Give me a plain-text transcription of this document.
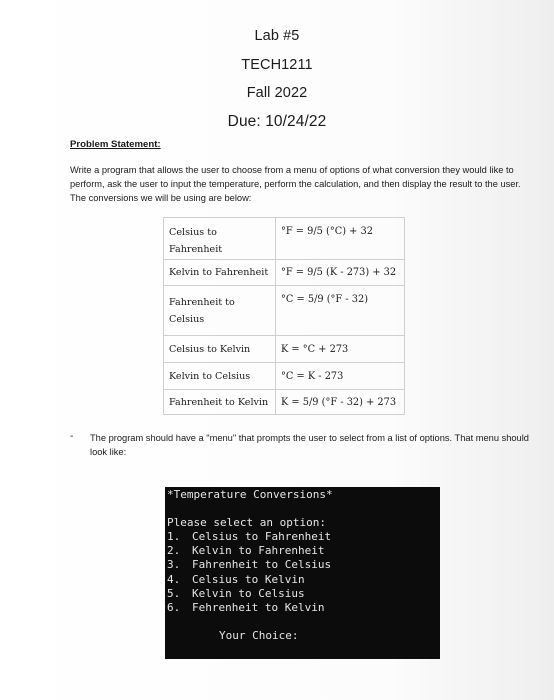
Lab #5
TECH1211
Fall 2022
Due: 10/24/22
Problem Statement:
Write a program that allows the user to choose from a menu of options of what conversion they would like to perform, ask the user to input the temperature, perform the calculation, and then display the result to the user. The conversions we will be using are below:
Celsius to Fahrenheit	°F = 9/5 (°C) + 32
Kelvin to Fahrenheit	°F = 9/5 (K - 273) + 32
Fahrenheit to Celsius	°C = 5/9 (°F - 32)
Celsius to Kelvin	K = °C + 273
Kelvin to Celsius	°C = K - 273
Fahrenheit to Kelvin	K = 5/9 (°F - 32) + 273
- The program should have a "menu" that prompts the user to select from a list of options. That menu should look like:
*Temperature Conversions*
Please select an option:
1. Celsius to Fahrenheit
2. Kelvin to Fahrenheit
3. Fahrenheit to Celsius
4. Celsius to Kelvin
5. Kelvin to Celsius
6. Fehrenheit to Kelvin
Your Choice:
